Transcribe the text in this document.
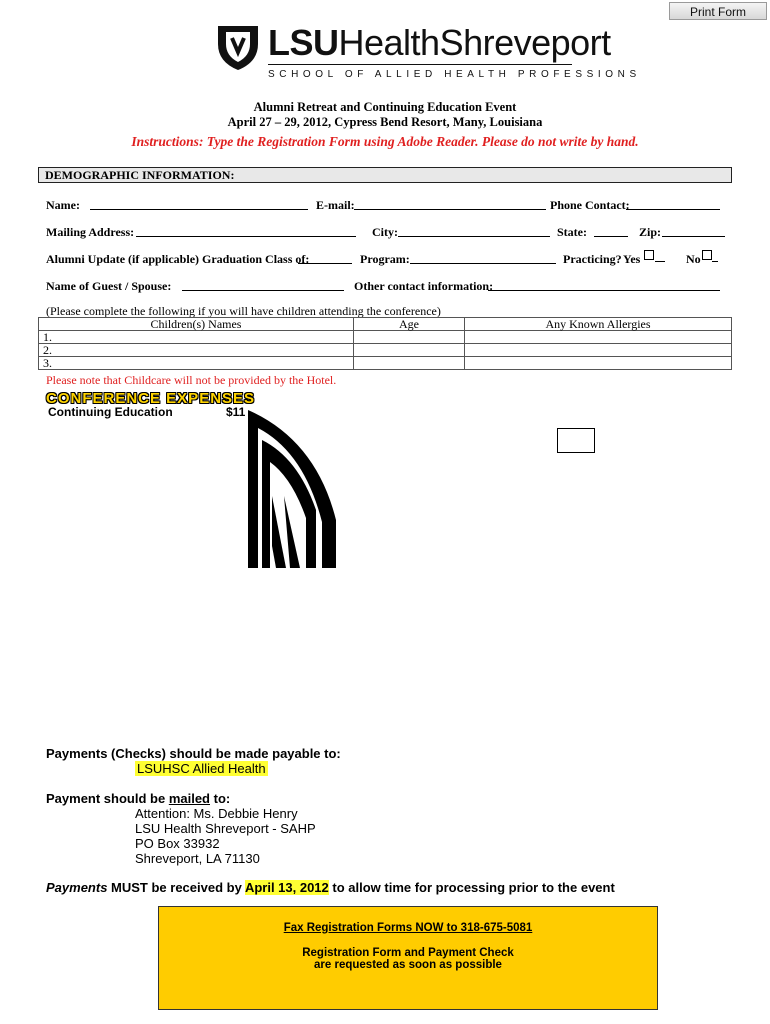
Print Form
LSUHealthShreveport
SCHOOL OF ALLIED HEALTH PROFESSIONS
Alumni Retreat and Continuing Education Event
April 27 – 29, 2012, Cypress Bend Resort, Many, Louisiana
Instructions: Type the Registration Form using Adobe Reader. Please do not write by hand.
DEMOGRAPHIC INFORMATION:
Name:	E-mail:	Phone Contact:
Mailing Address:	City:	State:	Zip:
Alumni Update (if applicable) Graduation Class of:	Program:	Practicing? Yes	No
Name of Guest / Spouse:	Other contact information:
(Please complete the following if you will have children attending the conference)
Children(s) Names	Age	Any Known Allergies
1.		
2.		
3.		
Please note that Childcare will not be provided by the Hotel.
CONFERENCE EXPENSES
Continuing Education	$11
Payments (Checks) should be made payable to:
LSUHSC Allied Health
Payment should be mailed to:
Attention: Ms. Debbie Henry
LSU Health Shreveport - SAHP
PO Box 33932
Shreveport, LA 71130
Payments MUST be received by April 13, 2012 to allow time for processing prior to the event
Fax Registration Forms NOW to 318-675-5081
Registration Form and Payment Check
are requested as soon as possible
